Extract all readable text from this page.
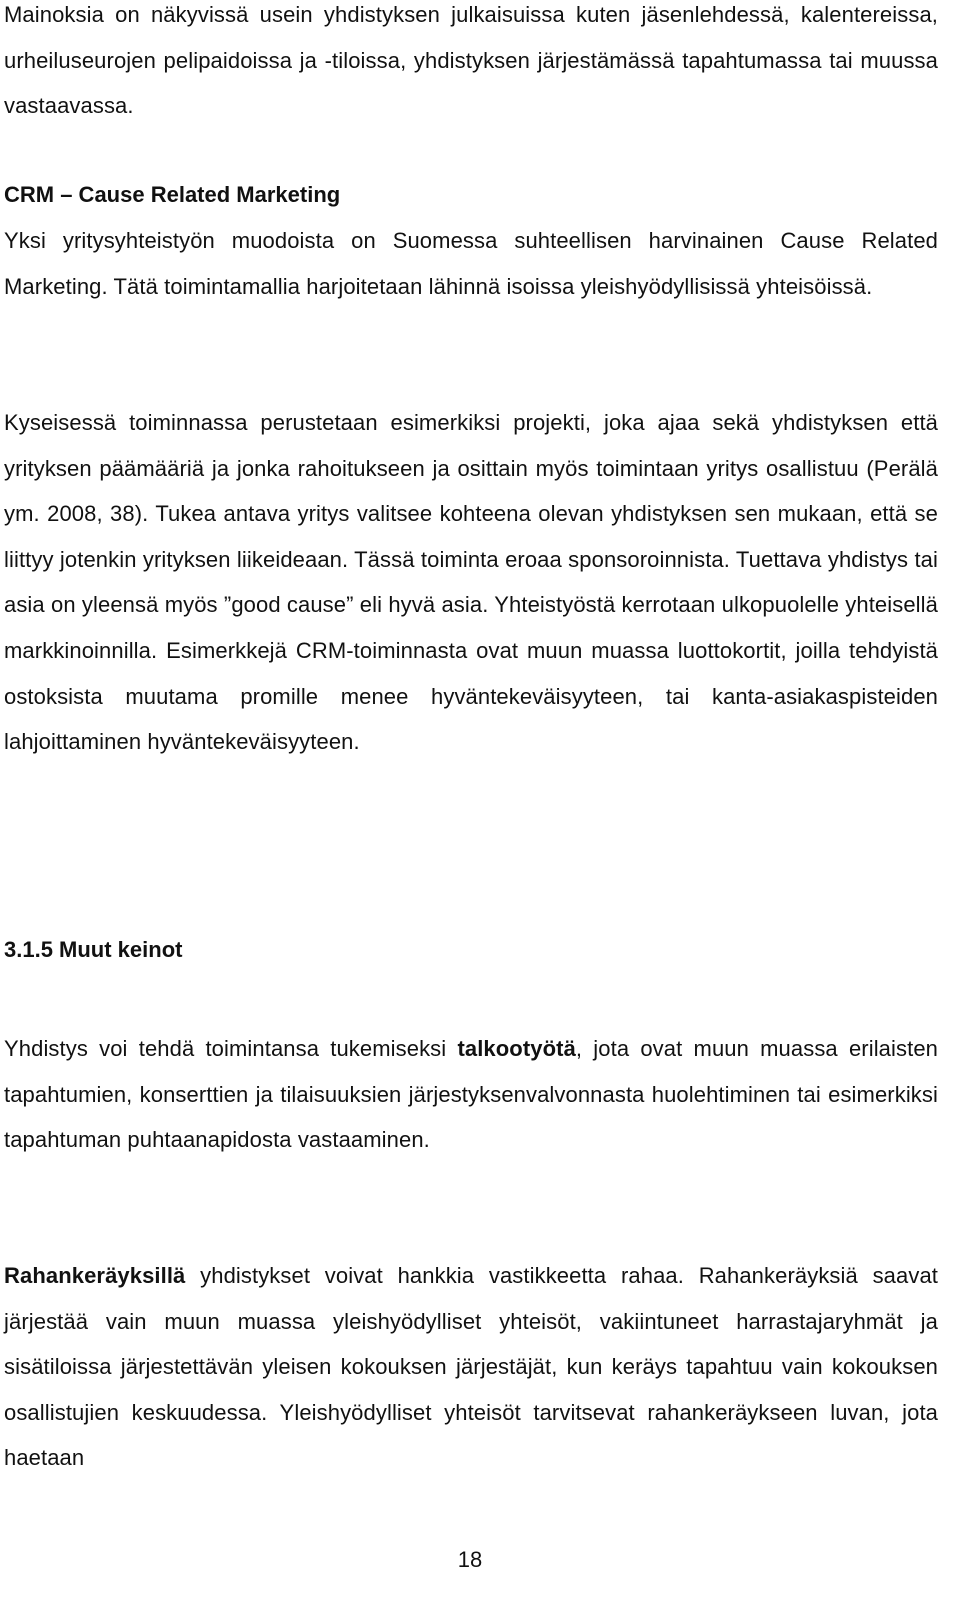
Mainoksia on näkyvissä usein yhdistyksen julkaisuissa kuten jäsenlehdessä, kalentereissa, urheiluseurojen pelipaidoissa ja -tiloissa, yhdistyksen järjestämässä tapahtumassa tai muussa vastaavassa.

CRM – Cause Related Marketing

Yksi yritysyhteistyön muodoista on Suomessa suhteellisen harvinainen Cause Related Marketing. Tätä toimintamallia harjoitetaan lähinnä isoissa yleishyödyllisissä yhteisöissä.

Kyseisessä toiminnassa perustetaan esimerkiksi projekti, joka ajaa sekä yhdistyksen että yrityksen päämääriä ja jonka rahoitukseen ja osittain myös toimintaan yritys osallistuu (Perälä ym. 2008, 38). Tukea antava yritys valitsee kohteena olevan yhdistyksen sen mukaan, että se liittyy jotenkin yrityksen liikeideaan. Tässä toiminta eroaa sponsoroinnista. Tuettava yhdistys tai asia on yleensä myös ”good cause” eli hyvä asia. Yhteistyöstä kerrotaan ulkopuolelle yhteisellä markkinoinnilla. Esimerkkejä CRM-toiminnasta ovat muun muassa luottokortit, joilla tehdyistä ostoksista muutama promille menee hyväntekeväisyyteen, tai kanta-asiakaspisteiden lahjoittaminen hyväntekeväisyyteen.

3.1.5 Muut keinot

Yhdistys voi tehdä toimintansa tukemiseksi talkootyötä, jota ovat muun muassa erilaisten tapahtumien, konserttien ja tilaisuuksien järjestyksenvalvonnasta huolehtiminen tai esimerkiksi tapahtuman puhtaanapidosta vastaaminen.

Rahankeräyksillä yhdistykset voivat hankkia vastikkeetta rahaa. Rahankeräyksiä saavat järjestää vain muun muassa yleishyödylliset yhteisöt, vakiintuneet harrastajaryhmät ja sisätiloissa järjestettävän yleisen kokouksen järjestäjät, kun keräys tapahtuu vain kokouksen osallistujien keskuudessa. Yleishyödylliset yhteisöt tarvitsevat rahankeräykseen luvan, jota haetaan

18
